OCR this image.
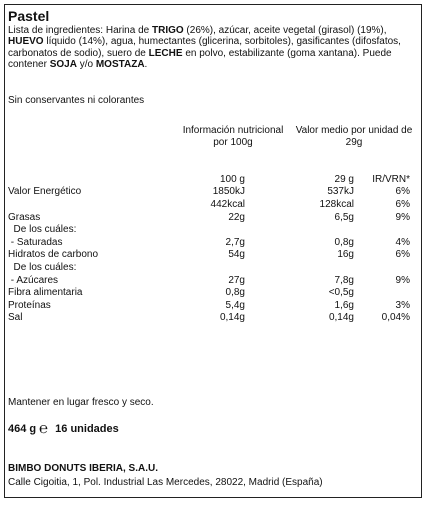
Pastel
Lista de ingredientes: Harina de TRIGO (26%), azúcar, aceite vegetal (girasol) (19%), HUEVO líquido (14%), agua, humectantes (glicerina, sorbitoles), gasificantes (difosfatos, carbonatos de sodio), suero de LECHE en polvo, estabilizante (goma xantana). Puede contener SOJA y/o MOSTAZA.
Sin conservantes ni colorantes
Información nutricional
por 100g
Valor medio por unidad de
29g
100 g	29 g IR/VRN*
Valor Energético	1850kJ	537kJ	6%
442kcal	128kcal	6%
Grasas	22g	6,5g	9%
De los cuáles:
- Saturadas	2,7g	0,8g	4%
Hidratos de carbono	54g	16g	6%
De los cuáles:
- Azúcares	27g	7,8g	9%
Fibra alimentaria	0,8g	<0,5g
Proteínas	5,4g	1,6g	3%
Sal	0,14g	0,14g	0,04%
Mantener en lugar fresco y seco.
464 g ℮ 16 unidades
BIMBO DONUTS IBERIA, S.A.U.
Calle Cigoitia, 1, Pol. Industrial Las Mercedes, 28022, Madrid (España)
